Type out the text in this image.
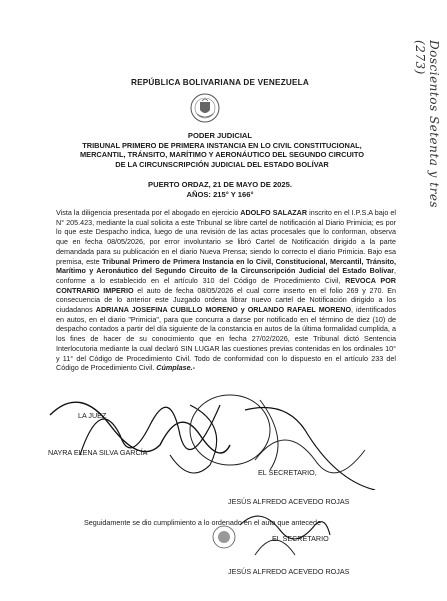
Doscientos Setenta y tres (273)
REPÚBLICA BOLIVARIANA DE VENEZUELA
PODER JUDICIAL
TRIBUNAL PRIMERO DE PRIMERA INSTANCIA EN LO CIVIL CONSTITUCIONAL,
MERCANTIL, TRÁNSITO, MARÍTIMO Y AERONÁUTICO DEL SEGUNDO CIRCUITO
DE LA CIRCUNSCRIPCIÓN JUDICIAL DEL ESTADO BOLÍVAR
PUERTO ORDAZ, 21 DE MAYO DE 2025.
AÑOS: 215° Y 166°
Vista la diligencia presentada por el abogado en ejercicio ADOLFO SALAZAR inscrito en el I.P.S.A bajo el N° 205.423, mediante la cual solicita a este Tribunal se libre cartel de notificación al Diario Primicia; es por lo que este Despacho indica, luego de una revisión de las actas procesales que lo conforman, observa que en fecha 08/05/2026, por error involuntario se libró Cartel de Notificación dirigido a la parte demandada para su publicación en el diario Nueva Prensa; siendo lo correcto el diario Primicia. Bajo esa premisa, este Tribunal Primero de Primera Instancia en lo Civil, Constitucional, Mercantil, Tránsito, Marítimo y Aeronáutico del Segundo Circuito de la Circunscripción Judicial del Estado Bolívar, conforme a lo establecido en el artículo 310 del Código de Procedimiento Civil, REVOCA POR CONTRARIO IMPERIO el auto de fecha 08/05/2026 el cual corre inserto en el folio 269 y 270. En consecuencia de lo anterior este Juzgado ordena librar nuevo cartel de Notificación dirigido a los ciudadanos ADRIANA JOSEFINA CUBILLO MORENO y ORLANDO RAFAEL MORENO, identificados en autos, en el diario "Primicia", para que concurra a darse por notificado en el término de diez (10) de despacho contados a partir del día siguiente de la constancia en autos de la última formalidad cumplida, a los fines de hacer de su conocimiento que en fecha 27/02/2026, este Tribunal dictó Sentencia Interlocutoria mediante la cual declaró SIN LUGAR las cuestiones previas contenidas en los ordinales 10° y 11° del Código de Procedimiento Civil. Todo de conformidad con lo dispuesto en el artículo 233 del Código de Procedimiento Civil. Cúmplase.-
LA JUEZ
NAYRA ELENA SILVA GARCÍA
EL SECRETARIO,
JESÚS ALFREDO ACEVEDO ROJAS
Seguidamente se dio cumplimiento a lo ordenado en el auto que antecede
EL SECRETARIO
JESÚS ALFREDO ACEVEDO ROJAS
